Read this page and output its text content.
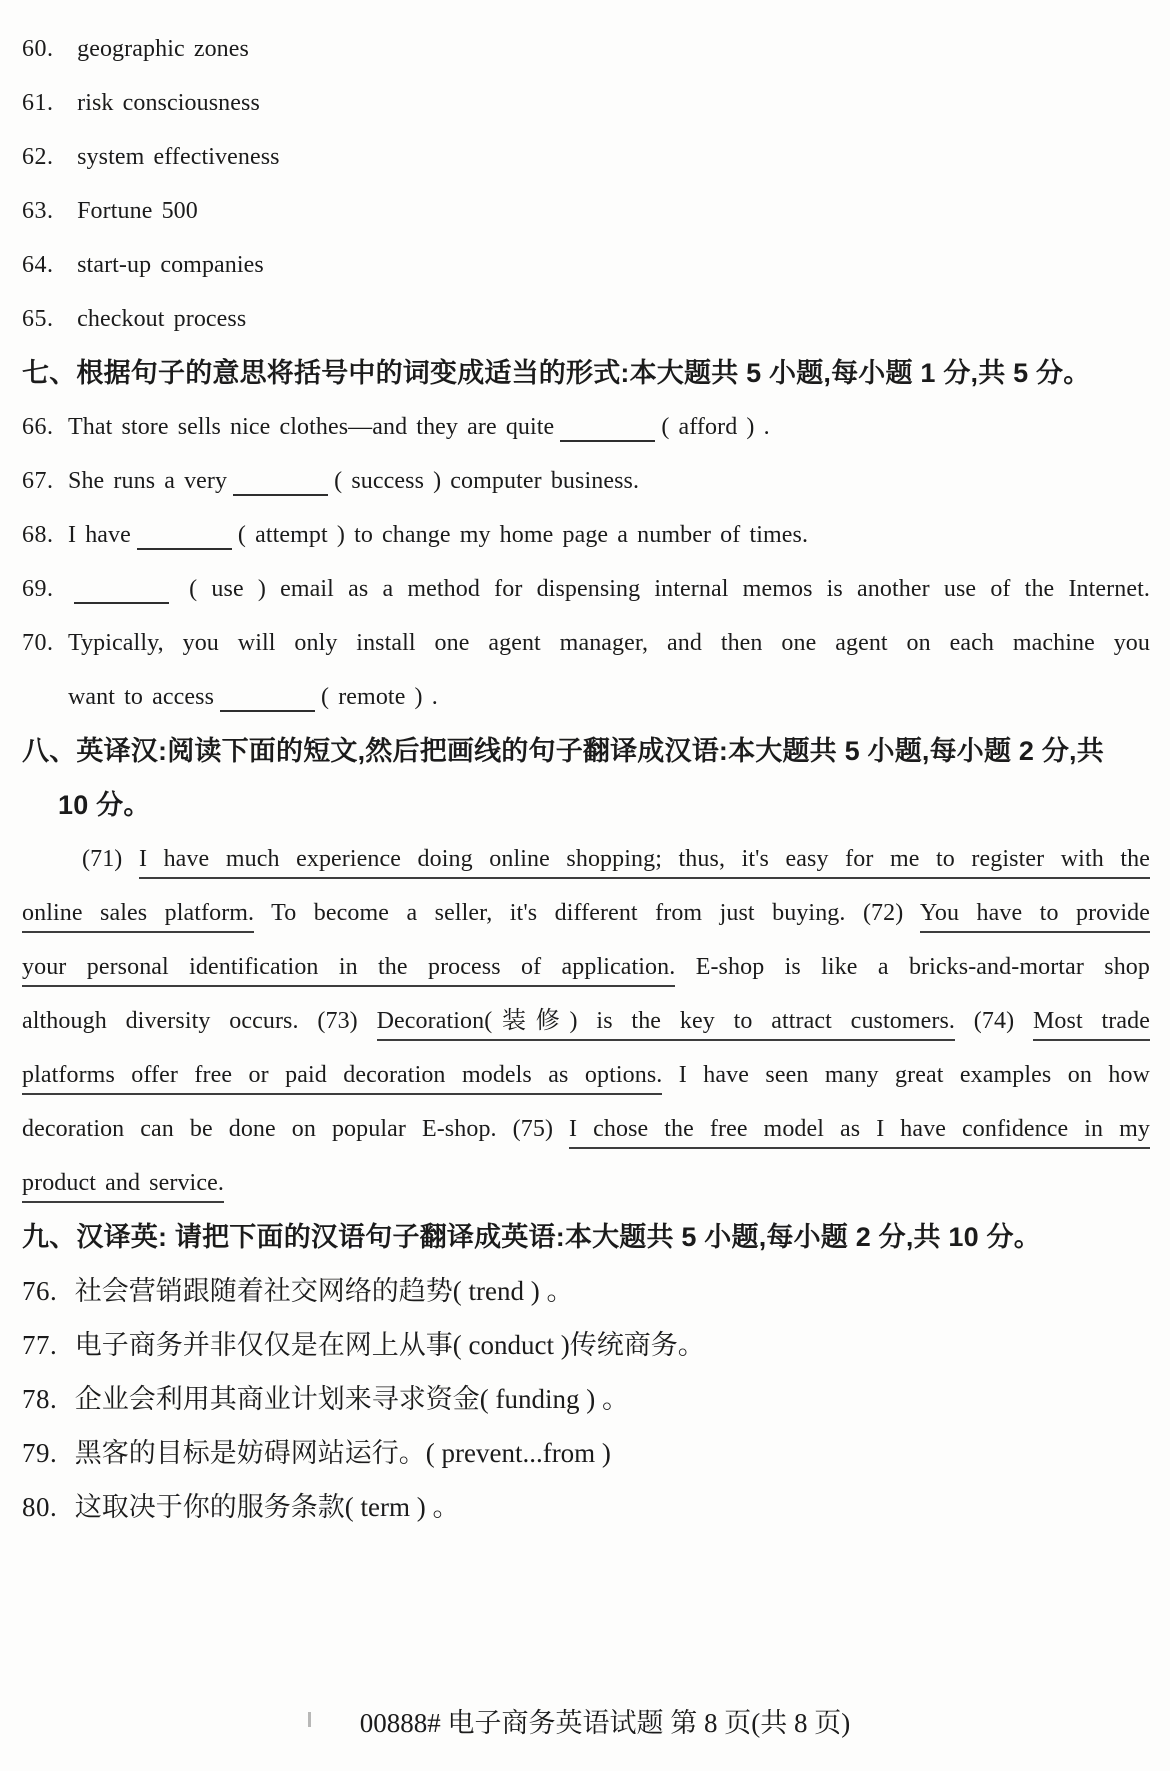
60. geographic zones
61. risk consciousness
62. system effectiveness
63. Fortune 500
64. start-up companies
65. checkout process
七、根据句子的意思将括号中的词变成适当的形式:本大题共 5 小题,每小题 1 分,共 5 分。
66. That store sells nice clothes—and they are quite	( afford ) .
67. She runs a very	( success ) computer business.
68. I have	( attempt ) to change my home page a number of times.
69.	( use ) email as a method for dispensing internal memos is another use of the Internet.
70. Typically, you will only install one agent manager, and then one agent on each machine you
want to access	( remote ) .
八、英译汉:阅读下面的短文,然后把画线的句子翻译成汉语:本大题共 5 小题,每小题 2 分,共
10 分。
(71) I have much experience doing online shopping; thus, it's easy for me to register with the
online sales platform. To become a seller, it's different from just buying. (72) You have to provide
your personal identification in the process of application. E-shop is like a bricks-and-mortar shop
although diversity occurs. (73) Decoration(装修) is the key to attract customers. (74) Most trade
platforms offer free or paid decoration models as options. I have seen many great examples on how
decoration can be done on popular E-shop. (75) I chose the free model as I have confidence in my
product and service.
九、汉译英: 请把下面的汉语句子翻译成英语:本大题共 5 小题,每小题 2 分,共 10 分。
76. 社会营销跟随着社交网络的趋势( trend ) 。
77. 电子商务并非仅仅是在网上从事( conduct )传统商务。
78. 企业会利用其商业计划来寻求资金( funding ) 。
79. 黑客的目标是妨碍网站运行。( prevent...from )
80. 这取决于你的服务条款( term ) 。
00888# 电子商务英语试题 第 8 页(共 8 页)
